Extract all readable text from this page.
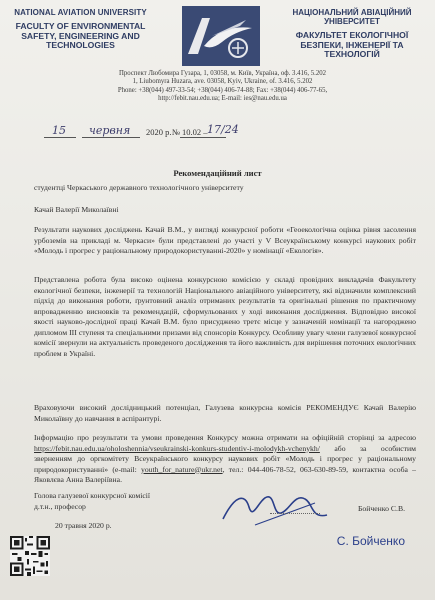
NATIONAL AVIATION UNIVERSITY
FACULTY OF ENVIRONMENTAL SAFETY, ENGINEERING AND TECHNOLOGIES
НАЦІОНАЛЬНИЙ АВІАЦІЙНИЙ УНІВЕРСИТЕТ
ФАКУЛЬТЕТ ЕКОЛОГІЧНОЇ БЕЗПЕКИ, ІНЖЕНЕРІЇ ТА ТЕХНОЛОГІЙ
Проспект Любомира Гузара, 1, 03058, м. Київ, Україна, оф. 3.416, 5.202
1, Liubomyra Huzara, ave. 03058, Kyiv, Ukraine, of. 3.416, 5.202
Phone: +38(044) 497-33-54; +38(044) 406-74-88; Fax: +38(044) 406-77-65,
http://febit.nau.edu.ua; E-mail: ies@nau.edu.ua
15 червня 2020 р. № 10.02 – 17/24
Рекомендаційний лист
студентці Черкаського державного технологічного університету
Качай Валерії Миколаївні

Результати наукових досліджень Качай В.М., у вигляді конкурсної роботи «Геоекологічна оцінка рівня засолення урбоземів на прикладі м. Черкаси» були представлені до участі у V Всеукраїнському конкурсі наукових робіт «Молодь і прогрес у раціональному природокористуванні-2020» у номінації «Екологія».

Представлена робота була високо оцінена конкурсною комісією у складі провідних викладачів Факультету екологічної безпеки, інженерії та технологій Національного авіаційного університету, які відзначили комплексний підхід до виконання роботи, ґрунтовний аналіз отриманих результатів та оригінальні рішення по практичному впровадженню висновків та рекомендацій, сформульованих у ході виконання дослідження. Відповідно високої якості науково-дослідної праці Качай В.М. було присуджено третє місце у зазначеній номінації та нагороджено дипломом III ступеня та спеціальними призами від спонсорів Конкурсу. Особливу увагу члени галузевої конкурсної комісії звернули на актуальність проведеного дослідження та його важливість для вирішення поточних екологічних проблем в Україні.

Враховуючи високий дослідницький потенціал, Галузева конкурсна комісія РЕКОМЕНДУЄ Качай Валерію Миколаївну до навчання в аспірантурі.

Інформацію про результати та умови проведення Конкурсу можна отримати на офіційній сторінці за адресою https://febit.nau.edu.ua/oholoshennia/vseukrainski-konkurs-studentiv-i-molodykh-vchenykh/ або за особистим зверненням до оргкомітету Всеукраїнського конкурсу наукових робіт «Молодь і прогрес у раціональному природокористуванні» (e-mail: youth_for_nature@ukr.net, тел.: 044-406-78-52, 063-630-89-59, контактна особа – Яковлєва Анна Валеріївна.

Голова галузевої конкурсної комісії
д.т.н., професор	Бойченко С.В.
20 травня 2020 р.
С. Бойченко
